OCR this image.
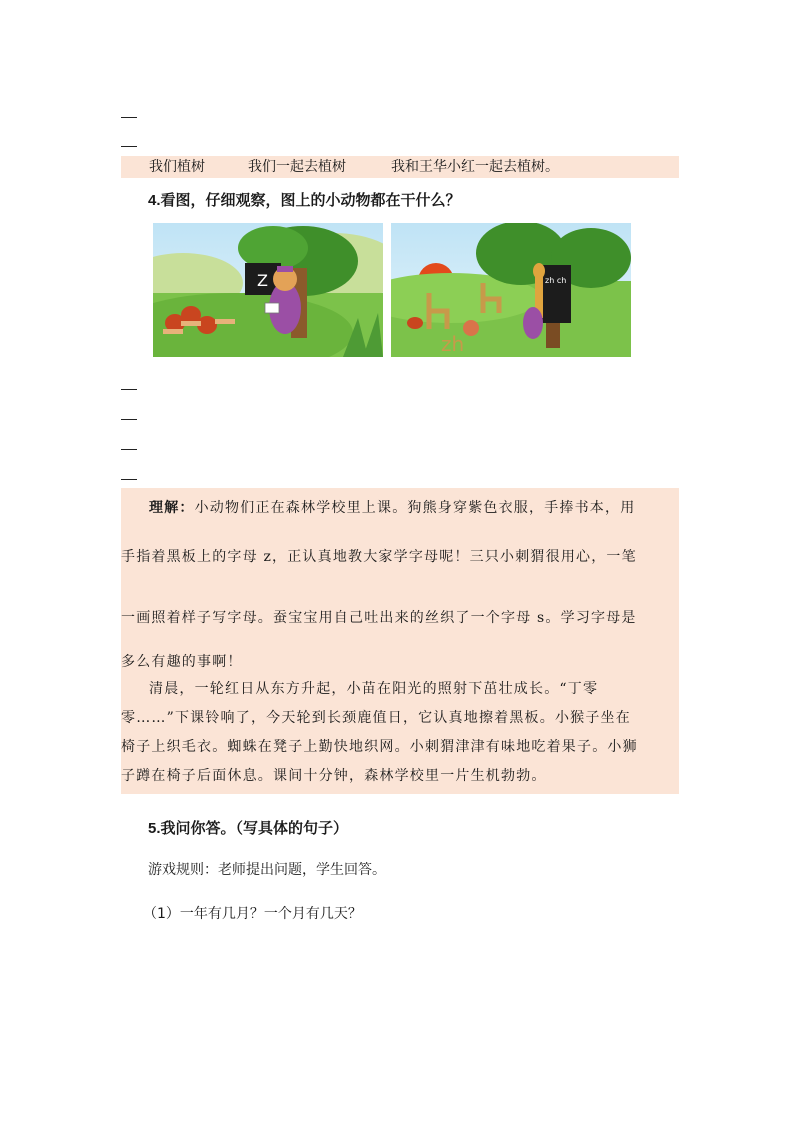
我们植树	我们一起去植树	我和王华小红一起去植树。
4.看图，仔细观察，图上的小动物都在干什么？
Z	zh ch
zh

理解：小动物们正在森林学校里上课。狗熊身穿紫色衣服，手捧书本，用

手指着黑板上的字母 z，正认真地教大家学字母呢！三只小刺猬很用心，一笔

一画照着样子写字母。蚕宝宝用自己吐出来的丝织了一个字母 s。学习字母是

多么有趣的事啊！

清晨，一轮红日从东方升起，小苗在阳光的照射下茁壮成长。“丁零

零……”下课铃响了，今天轮到长颈鹿值日，它认真地擦着黑板。小猴子坐在

椅子上织毛衣。蜘蛛在凳子上勤快地织网。小刺猬津津有味地吃着果子。小狮

子蹲在椅子后面休息。课间十分钟，森林学校里一片生机勃勃。

5.我问你答。（写具体的句子）
游戏规则：老师提出问题，学生回答。
（1）一年有几月？一个月有几天？
